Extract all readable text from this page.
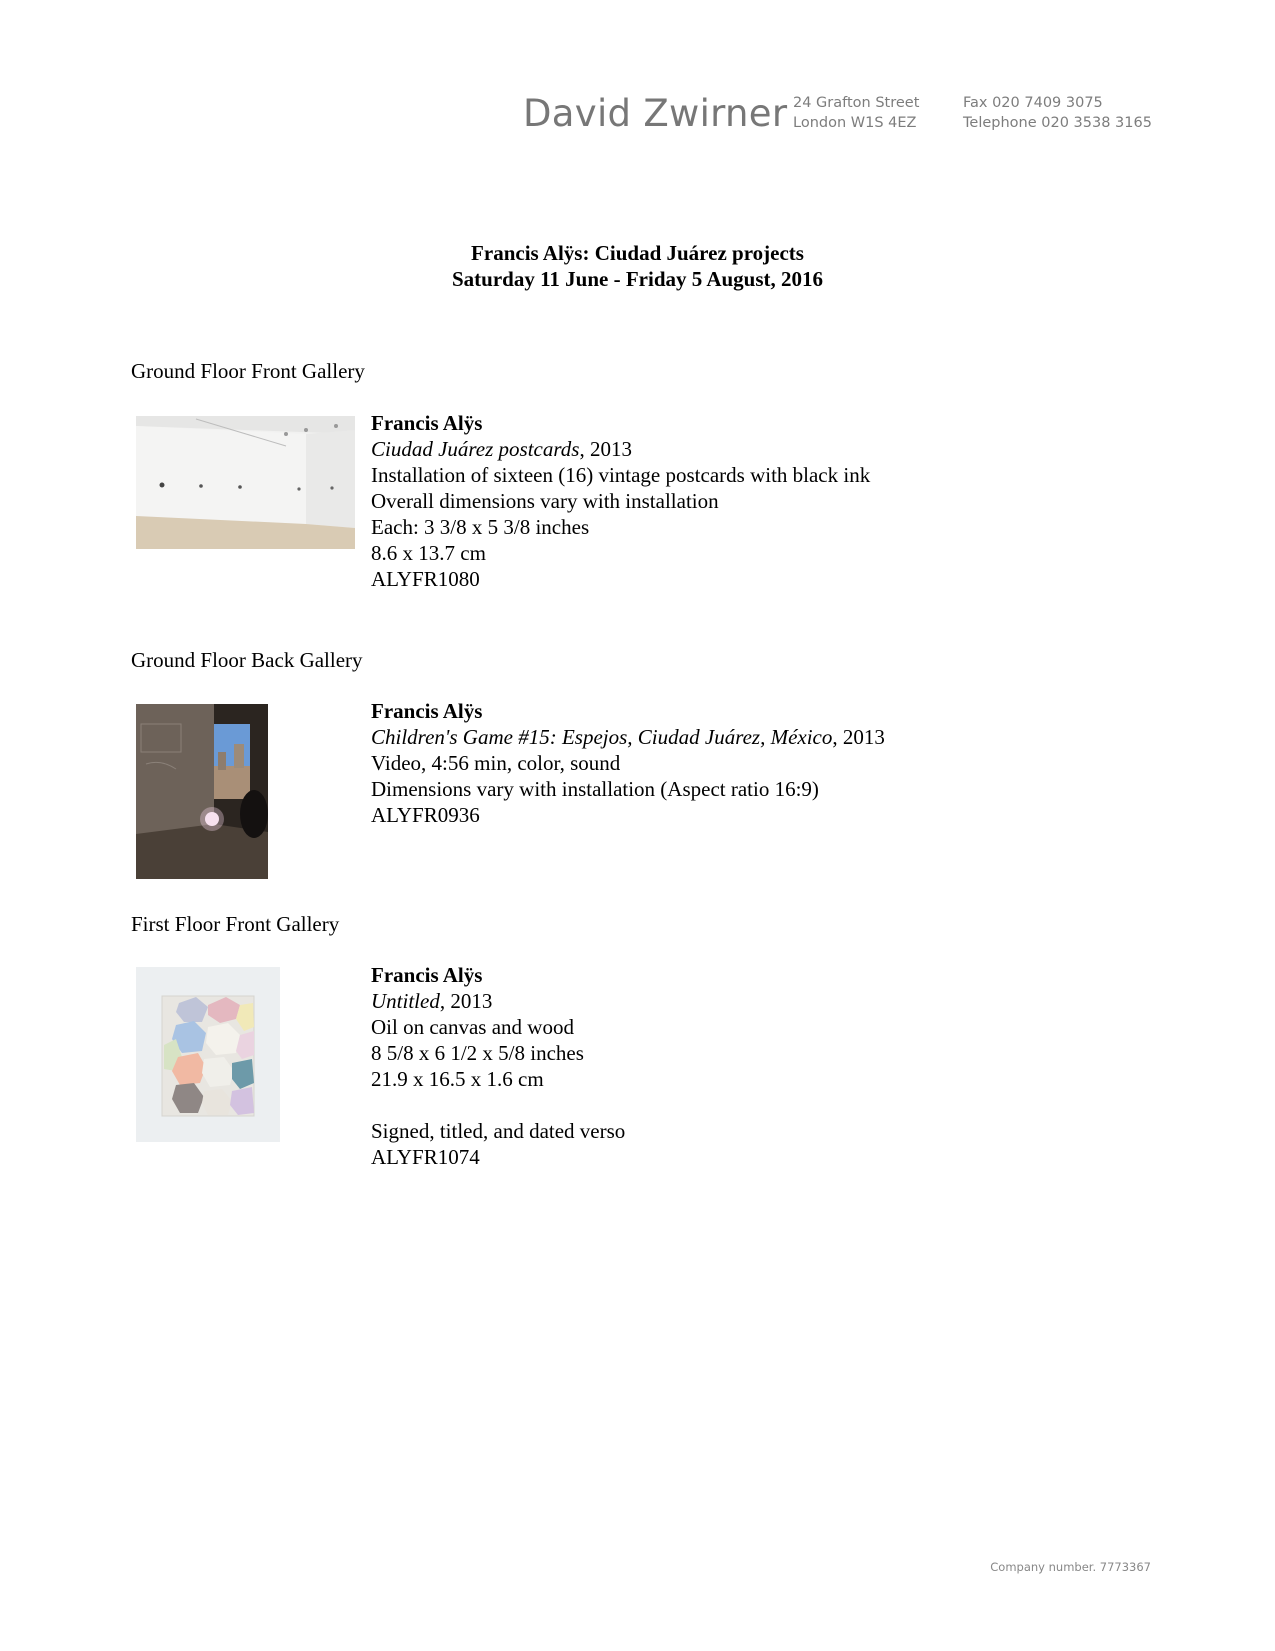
David Zwirner 24 Grafton Street
London W1S 4EZ
Fax 020 7409 3075
Telephone 020 3538 3165
Francis Alÿs: Ciudad Juárez projects
Saturday 11 June - Friday 5 August, 2016
Ground Floor Front Gallery
Francis Alÿs
Ciudad Juárez postcards, 2013
Installation of sixteen (16) vintage postcards with black ink
Overall dimensions vary with installation
Each: 3 3/8 x 5 3/8 inches
8.6 x 13.7 cm
ALYFR1080
Ground Floor Back Gallery
Francis Alÿs
Children's Game #15: Espejos, Ciudad Juárez, México, 2013
Video, 4:56 min, color, sound
Dimensions vary with installation (Aspect ratio 16:9)
ALYFR0936
First Floor Front Gallery
Francis Alÿs
Untitled, 2013
Oil on canvas and wood
8 5/8 x 6 1/2 x 5/8 inches
21.9 x 16.5 x 1.6 cm
Signed, titled, and dated verso
ALYFR1074
Company number. 7773367
